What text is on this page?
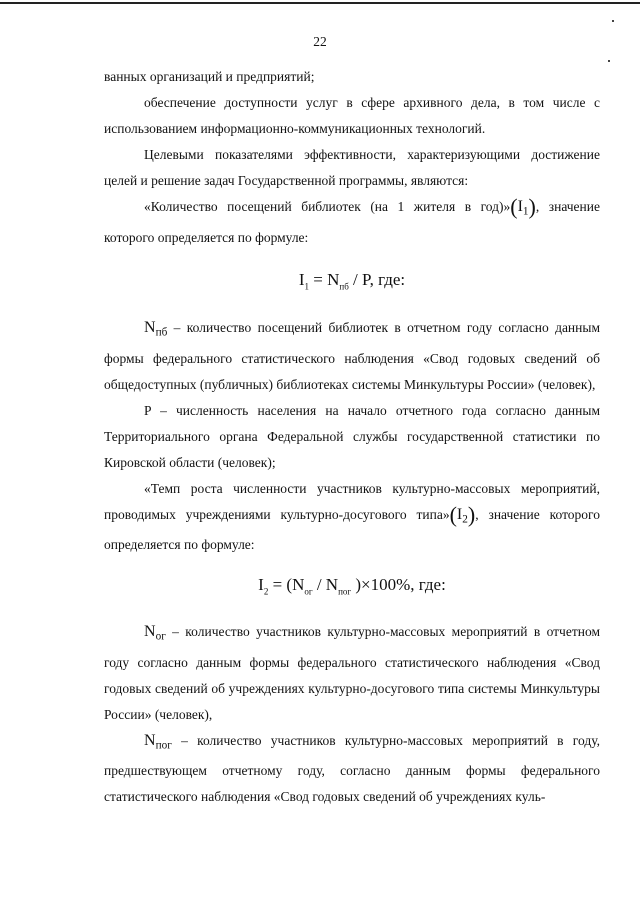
22

ванных организаций и предприятий;

обеспечение доступности услуг в сфере архивного дела, в том числе с использованием информационно-коммуникационных технологий.

Целевыми показателями эффективности, характеризующими достижение целей и решение задач Государственной программы, являются:

«Количество посещений библиотек (на 1 жителя в $год)»(I_1)$, значение которого определяется по формуле:

$I_1 = N_{пб} / P$, где:

$N_{пб}$ – количество посещений библиотек в отчетном году согласно данным формы федерального статистического наблюдения «Свод годовых сведений об общедоступных (публичных) библиотеках системы Минкультуры России» (человек),

P – численность населения на начало отчетного года согласно данным Территориального органа Федеральной службы государственной статистики по Кировской области (человек);

«Темп роста численности участников культурно-массовых мероприятий, проводимых учреждениями культурно-досугового $типа»(I_2)$, значение которого определяется по формуле:

$I_2 = (N_{ог} / N_{пог}$ )×100%, где:

$N_{ог}$ – количество участников культурно-массовых мероприятий в отчетном году согласно данным формы федерального статистического наблюдения «Свод годовых сведений об учреждениях культурно-досугового типа системы Минкультуры России» (человек),

$N_{пог}$ – количество участников культурно-массовых мероприятий в году, предшествующем отчетному году, согласно данным формы федерального статистического наблюдения «Свод годовых сведений об учреждениях куль-
